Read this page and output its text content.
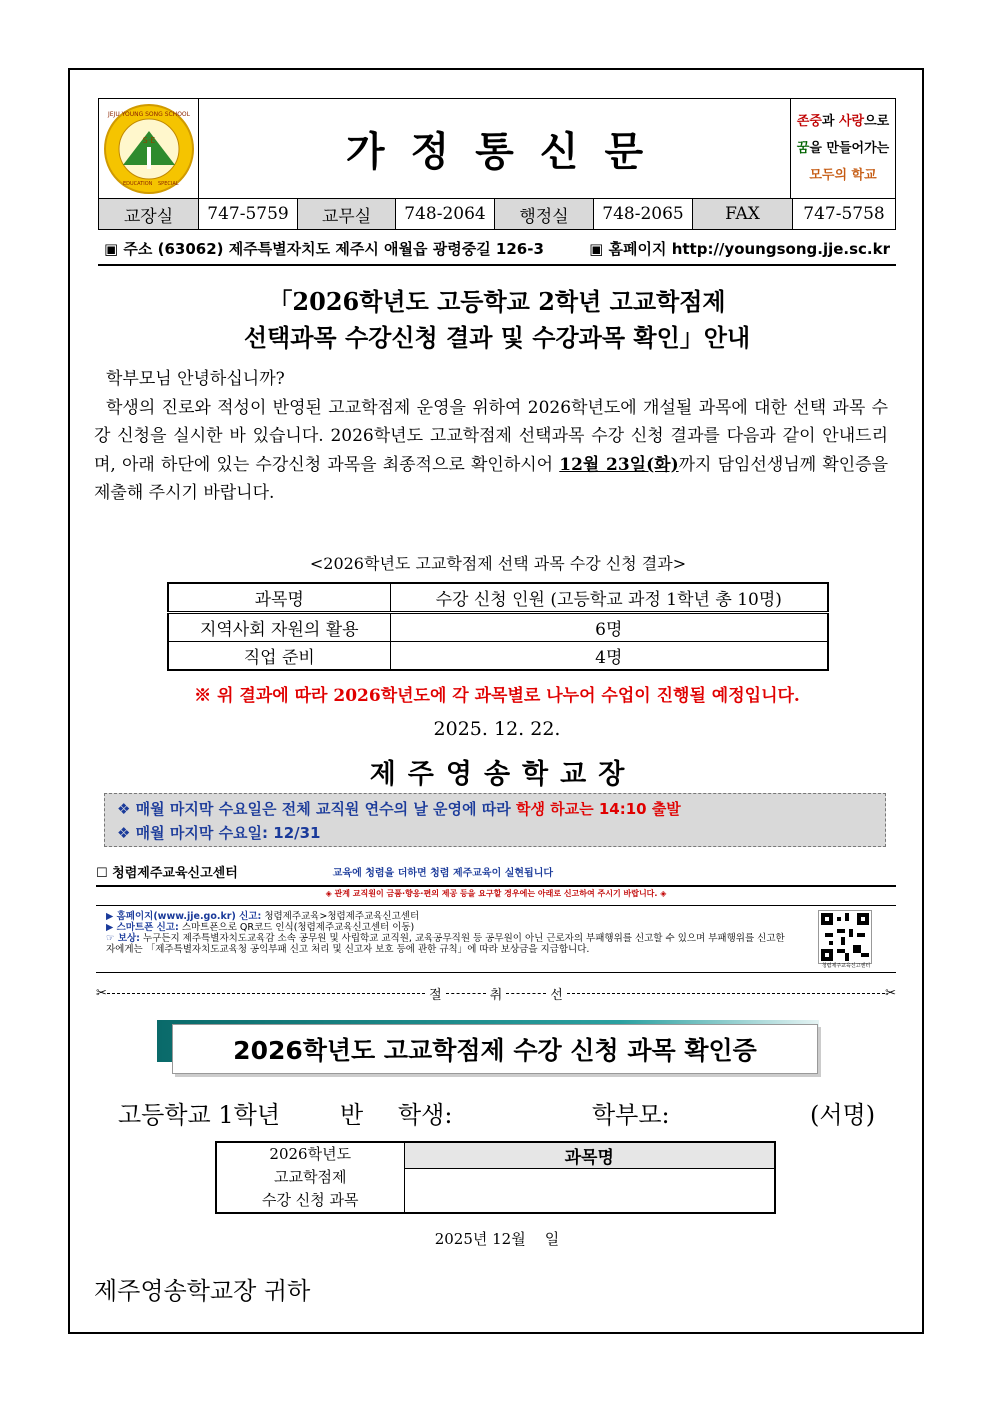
S·E
JEJU YOUNG SONG SCHOOL
EDUCATION SPECIAL
가정통신문
존중과 사랑으로
꿈을 만들어가는
모두의 학교
교장실	747-5759	교무실	748-2064	행정실	748-2065	FAX	747-5758
▣ 주소 (63062) 제주특별자치도 제주시 애월읍 광령중길 126-3	▣ 홈페이지 http://youngsong.jje.sc.kr
「2026학년도 고등학교 2학년 고교학점제
선택과목 수강신청 결과 및 수강과목 확인」안내

학부모님 안녕하십니까?

학생의 진로와 적성이 반영된 고교학점제 운영을 위하여 2026학년도에 개설될 과목에 대한 선택 과목 수강 신청을 실시한 바 있습니다. 2026학년도 고교학점제 선택과목 수강 신청 결과를 다음과 같이 안내드리며, 아래 하단에 있는 수강신청 과목을 최종적으로 확인하시어 12월 23일(화)까지 담임선생님께 확인증을 제출해 주시기 바랍니다.

<2026학년도 고교학점제 선택 과목 수강 신청 결과>
과목명	수강 신청 인원 (고등학교 과정 1학년 총 10명)
지역사회 자원의 활용	6명
직업 준비	4명
※ 위 결과에 따라 2026학년도에 각 과목별로 나누어 수업이 진행될 예정입니다.
2025. 12. 22.
제주영송학교장
❖ 매월 마지막 수요일은 전체 교직원 연수의 날 운영에 따라 학생 하교는 14:10 출발
❖ 매월 마지막 수요일: 12/31
☐ 청렴제주교육신고센터	교육에 청렴을 더하면 청렴 제주교육이 실현됩니다
◈ 관계 교직원이 금품·향응·편의 제공 등을 요구할 경우에는 아래로 신고하여 주시기 바랍니다. ◈
▶ 홈페이지(www.jje.go.kr) 신고: 청렴제주교육>청렴제주교육신고센터
▶ 스마트폰 신고: 스마트폰으로 QR코드 인식(청렴제주교육신고센터 이동)
☞ 보상: 누구든지 제주특별자치도교육감 소속 공무원 및 사립학교 교직원, 교육공무직원 등 공무원이 아닌 근로자의 부패행위를 신고할 수 있으며 부패행위를 신고한
자에게는 「제주특별자치도교육청 공익부패 신고 처리 및 신고자 보호 등에 관한 규칙」에 따라 보상금을 지급합니다.
청렴제주교육신고센터
✂	절	취	선	✂
2026학년도 고교학점제 수강 신청 과목 확인증
고등학교 1학년 반 학생:	학부모:	(서명)
2026학년도
고교학점제
수강 신청 과목
	과목명

2025년 12월    일
제주영송학교장 귀하
